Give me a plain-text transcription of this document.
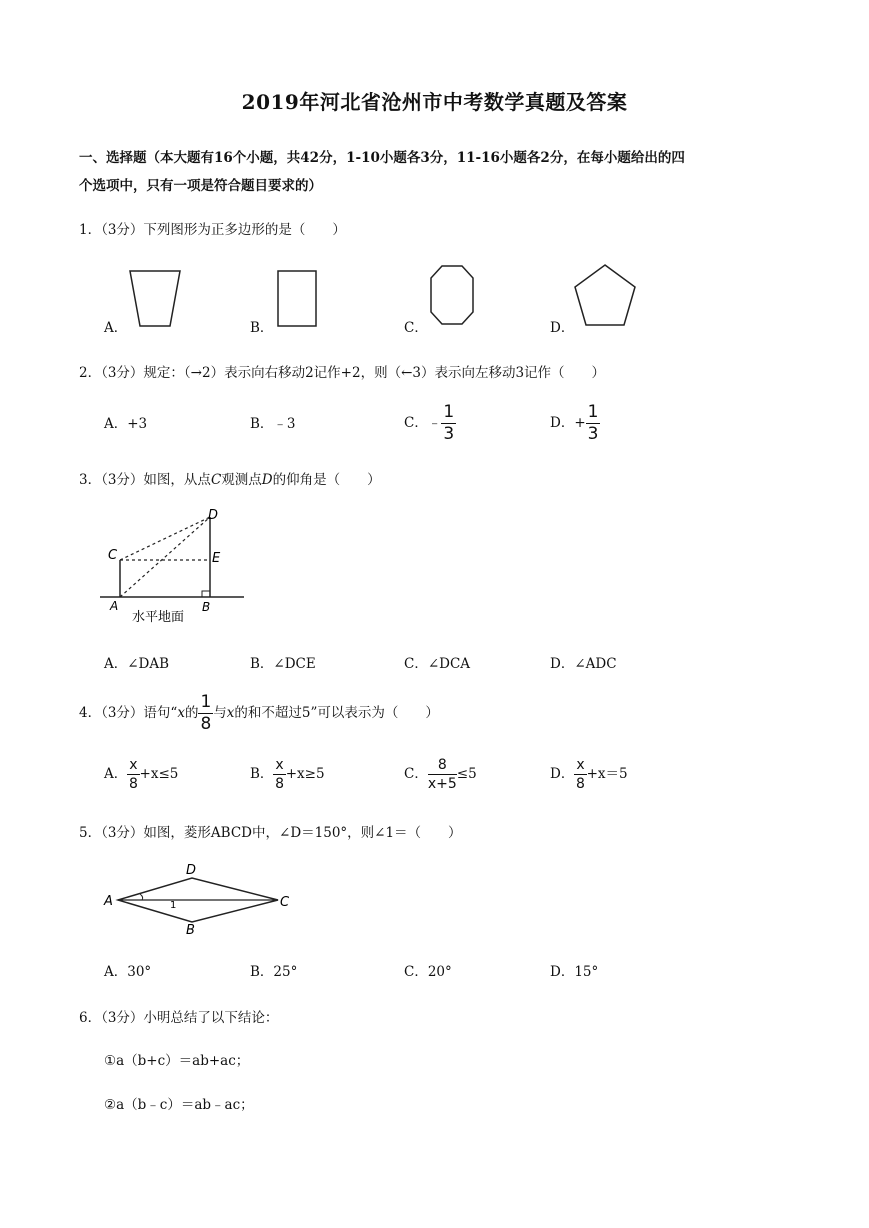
2019年河北省沧州市中考数学真题及答案
一、选择题（本大题有16个小题，共42分，1-10小题各3分，11-16小题各2分，在每小题给出的四
个选项中，只有一项是符合题目要求的）
1．（3分）下列图形为正多边形的是（　　）
A．	B．	C．	D．
2．（3分）规定：（→2）表示向右移动2记作+2，则（←3）表示向左移动3记作（　　）
A．+3	B．﹣3	C．﹣ $\frac{1}{3}$	D．+ $\frac{1}{3}$
3．（3分）如图，从点C观测点D的仰角是（　　）
D
C	E
A	B
水平地面
A．∠DAB	B．∠DCE	C．∠DCA	D．∠ADC
4．（3分）语句“x的 $\frac{1}{8}$ 与x的和不超过5”可以表示为（　　）
A． $\frac{x}{8} +x\le 5$	B． $\frac{x}{8} +x\ge 5$	C． $\frac{8}{x+5} \le 5$	D． $\frac{x}{8} +x=5$
5．（3分）如图，菱形ABCD中，∠D＝150°，则∠1＝（　　）
A
D
C
B
1
A．30°	B．25°	C．20°	D．15°
6．（3分）小明总结了以下结论：
①a（b+c）＝ab+ac；
②a（b﹣c）＝ab﹣ac；
